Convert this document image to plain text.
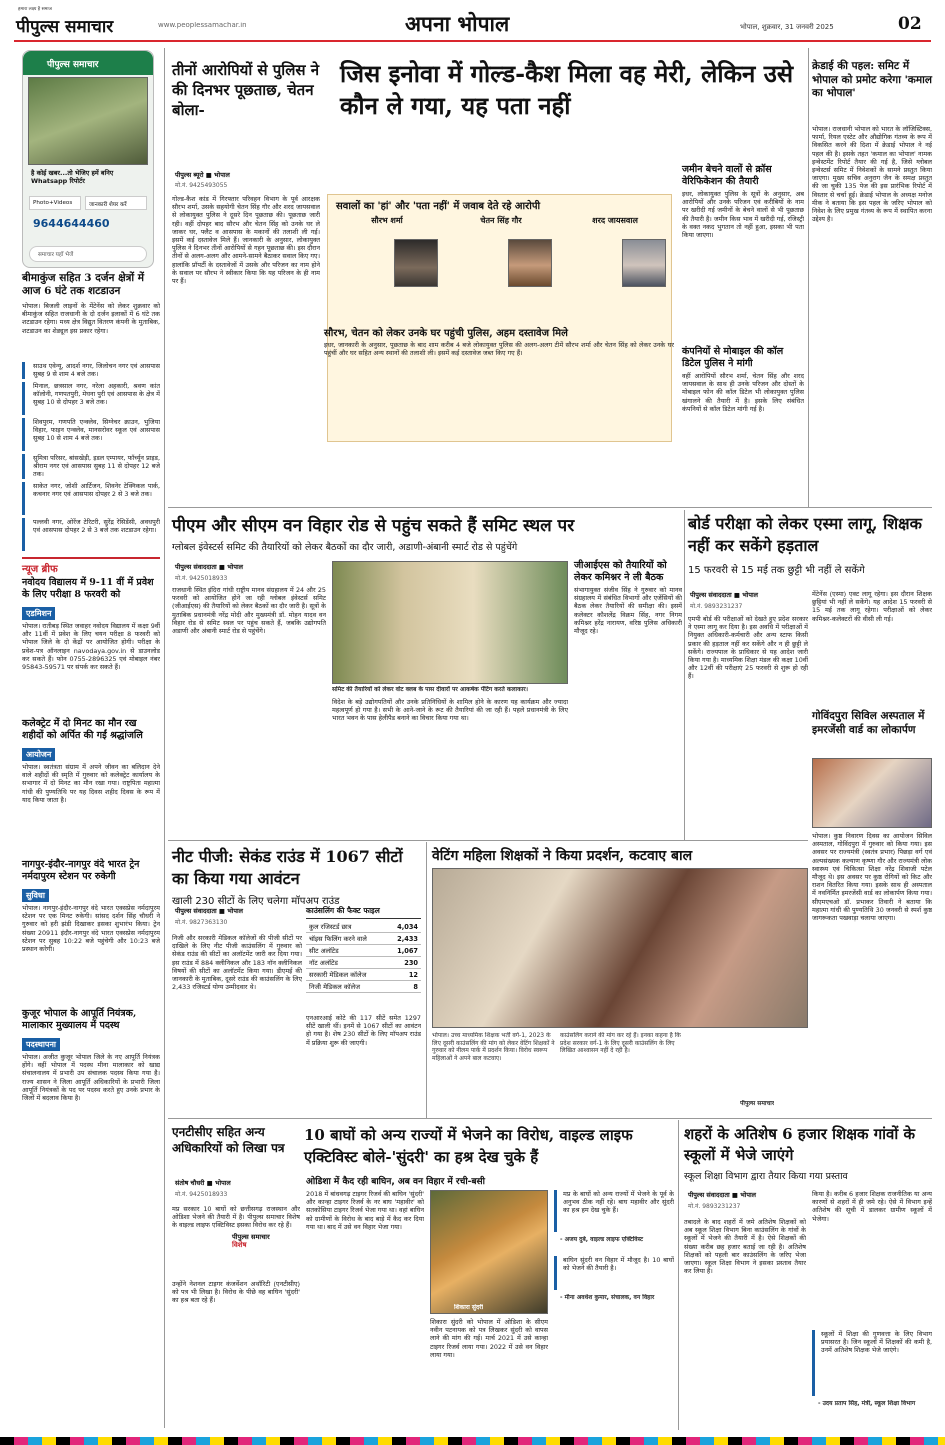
पीपुल्स समाचार
हमारा लक्ष्य है समाज
www.peoplessamachar.in	अपना भोपाल	भोपाल, शुक्रवार, 31 जनवरी 2025	02
पीपुल्स समाचार
है कोई खबर...तो भेजिए हमें बनिए Whatsapp रिपोर्टर
Photo+Videos	जानकारी शेयर करें
9644644460
समाचार यहाँ भेजें
बीमाकुंज सहित 3 दर्जन क्षेत्रों में आज 6 घंटे तक शटडाउन
भोपाल। बिजली लाइनों के मेंटेनेंस को लेकर शुक्रवार को बीमाकुंज सहित राजधानी के दो दर्जन इलाकों में 6 घंटे तक शटडाउन रहेगा। मध्य क्षेत्र विद्युत वितरण कंपनी के मुताबिक, शटडाउन का शेड्यूल इस प्रकार रहेगा।
साउथ एवेन्यू, आदर्श नगर, जिलोचन नगर एवं आसपास सुबह 9 से शाम 4 बजे तक।
मिनाल, छत्रसाल नगर, नरेला अहकारी, श्रवण कांत कॉलोनी, गणपतपुरी, मेघना पुरी एवं आसपास के क्षेत्र में सुबह 10 से दोपहर 3 बजे तक।
शिवपुरम, गणपति एन्क्लेव, सिग्नेचर क्राउन, भुजिया विहार, फाइन एन्क्लेव, मानसरोवर स्कूल एवं आसपास सुबह 10 से शाम 4 बजे तक।
सुमित्रा परिसर, बांसखेड़ी, इडल एम्पायर, फॉर्च्यून प्राइड, श्रीराम नगर एवं आसपास सुबह 11 से दोपहर 12 बजे तक।
साकेत नगर, जोशी आर्टिजन, शिवनेर टेक्निकल पार्क, कचनार नगर एवं आसपास दोपहर 2 से 3 बजे तक।
पल्लवी नगर, ओरेंज टेरिटरी, सुरेंद्र रेसिडेंसी, अवधपुरी एवं आसपास दोपहर 2 से 3 बजे तक शटडाउन रहेगा।
न्यूज ब्रीफ
नवोदय विद्यालय में 9-11 वीं में प्रवेश के लिए परीक्षा 8 फरवरी को
एडमिशन
भोपाल। रातीबड़ स्थित जवाहर नवोदय विद्यालय में कक्षा 9वीं और 11वीं में प्रवेश के लिए चयन परीक्षा 8 फरवरी को भोपाल जिले के दो केंद्रों पर आयोजित होगी। परीक्षा के प्रवेश-पत्र ऑनलाइन navodaya.gov.in से डाउनलोड कर सकते हैं। फोन 0755-2896325 एवं मोबाइल नंबर 95843-59571 पर संपर्क कर सकते हैं।
कलेक्ट्रेट में दो मिनट का मौन रख शहीदों को अर्पित की गईं श्रद्धांजलि
आयोजन
भोपाल। स्वतंत्रता संग्राम में अपने जीवन का बलिदान देने वाले शहीदों की स्मृति में गुरुवार को कलेक्ट्रेट कार्यालय के सभागार में दो मिनट का मौन रखा गया। राष्ट्रपिता महात्मा गांधी की पुण्यतिथि पर यह दिवस शहीद दिवस के रूप में याद किया जाता है।
नागपुर-इंदौर-नागपुर वंदे भारत ट्रेन नर्मदापुरम स्टेशन पर रुकेगी
सुविधा
भोपाल। नागपुर-इंदौर-नागपुर वंदे भारत एक्सप्रेस नर्मदापुरम स्टेशन पर एक मिनट रुकेगी। सांसद दर्शन सिंह चौधरी ने गुरुवार को हरी झंडी दिखाकर इसका शुभारंभ किया। ट्रेन संख्या 20911 इंदौर-नागपुर वंदे भारत एक्सप्रेस नर्मदापुरम स्टेशन पर सुबह 10:22 बजे पहुंचेगी और 10:23 बजे प्रस्थान करेगी।
कुजूर भोपाल के आपूर्ति नियंत्रक, मालाकार मुख्यालय में पदस्थ
पदस्थापना
भोपाल। अजीत कुजूर भोपाल जिले के नए आपूर्ति नियंत्रक होंगे। वहीं भोपाल में पदस्थ मीना मालाकार को खाद्य संचालनालय में प्रभारी उप संचालक पदस्थ किया गया है। राज्य शासन ने जिला आपूर्ति अधिकारियों के प्रभारी जिला आपूर्ति नियंत्रकों के पद पर पदस्थ करते हुए उनके प्रभार के जिलों में बदलाव किया है।
तीनों आरोपियों से पुलिस ने की दिनभर पूछताछ, चेतन बोला-
जिस इनोवा में गोल्ड-कैश मिला वह मेरी, लेकिन उसे कौन ले गया, यह पता नहीं
पीपुल्स ब्यूरो ■ भोपाल
मो.नं. 9425493055
गोल्ड-कैश कांड में गिरफ्तार परिवहन विभाग के पूर्व आरक्षक सौरभ शर्मा, उसके सहयोगी चेतन सिंह गौर और शरद जायसवाल से लोकायुक्त पुलिस ने दूसरे दिन पूछताछ की। पूछताछ जारी रही। वहीं दोपहर बाद सौरभ और चेतन सिंह को उनके घर ले जाकर घर, फ्लैट व आसपास के मकानों की तलाशी ली गई। इसमें कई दस्तावेज मिले हैं। जानकारी के अनुसार, लोकायुक्त पुलिस ने दिनभर तीनों आरोपियों से गहन पूछताछ की। इस दौरान तीनों से अलग-अलग और आमने-सामने बैठाकर सवाल किए गए। हालांकि प्रॉपर्टी के दस्तावेजों में उसके और परिजन का नाम होने के सवाल पर सौरभ ने स्वीकार किया कि यह परिजन के ही नाम पर हैं।
सवालों का 'हां' और 'पता नहीं' में जवाब देते रहे आरोपी
सौरभ शर्मा	चेतन सिंह गौर	शरद जायसवाल
सौरभ, चेतन को लेकर उनके घर पहुंची पुलिस, अहम दस्तावेज मिले
इधर, जानकारी के अनुसार, पूछताछ के बाद शाम करीब 4 बजे लोकायुक्त पुलिस की अलग-अलग टीमें सौरभ शर्मा और चेतन सिंह को लेकर उनके घर पहुंचीं और घर सहित अन्य स्थानों की तलाशी ली। इसमें कई दस्तावेज जब्त किए गए हैं।
जमीन बेचने वालों से क्रॉस वेरिफिकेशन की तैयारी
इधर, लोकायुक्त पुलिस के सूत्रों के अनुसार, अब आरोपियों और उनके परिजन एवं करीबियों के नाम पर खरीदी गई जमीनों के बेचने वालों से भी पूछताछ की तैयारी है। जमीन किस भाव में खरीदी गई, रजिस्ट्री के वक्त नकद भुगतान तो नहीं हुआ, इसका भी पता किया जाएगा।
कंपनियों से मोबाइल की कॉल डिटेल पुलिस ने मांगी
वहीं आरोपियों सौरभ शर्मा, चेतन सिंह और शरद जायसवाल के साथ ही उनके परिजन और दोस्तों के मोबाइल फोन की कॉल डिटेल भी लोकायुक्त पुलिस खंगालने की तैयारी में है। इसके लिए संबंधित कंपनियों से कॉल डिटेल मांगी गई है।
क्रेडाई की पहल: समिट में भोपाल को प्रमोट करेगा 'कमाल का भोपाल'
भोपाल। राजधानी भोपाल को भारत के लॉजिस्टिक्स, फार्मा, रियल एस्टेट और औद्योगिक गंतव्य के रूप में विकसित करने की दिशा में क्रेडाई भोपाल ने नई पहल की है। इसके तहत 'कमाल का भोपाल' नामक इन्वेस्टमेंट रिपोर्ट तैयार की गई है, जिसे ग्लोबल इन्वेस्टर्स समिट में निवेशकों के सामने प्रस्तुत किया जाएगा। मुख्य सचिव अनुराग जैन के समक्ष प्रस्तुत की जा चुकी 135 पेज की इस प्रारंभिक रिपोर्ट में विस्तार से चर्चा हुई। क्रेडाई भोपाल के अध्यक्ष मनोज मीक ने बताया कि इस पहल के जरिए भोपाल को निवेश के लिए प्रमुख गंतव्य के रूप में स्थापित करना उद्देश्य है।
पीएम और सीएम वन विहार रोड से पहुंच सकते हैं समिट स्थल पर
ग्लोबल इंवेस्टर्स समिट की तैयारियों को लेकर बैठकों का दौर जारी, अडाणी-अंबानी स्मार्ट रोड से पहुंचेंगे
पीपुल्स संवाददाता ■ भोपाल
मो.नं. 9425018933
समिट की तैयारियों को लेकर वोट क्लब के पास दीवारों पर आकर्षक पेंटिंग करते कलाकार।
जीआईएस को तैयारियों को लेकर कमिश्नर ने ली बैठक
संभागायुक्त संजीव सिंह ने गुरुवार को मानव संग्रहालय में संबंधित विभागों और एजेंसियों की बैठक लेकर तैयारियों की समीक्षा की। इसमें कलेक्टर कौशलेंद्र विक्रम सिंह, नगर निगम कमिश्नर हरेंद्र नारायण, वरिष्ठ पुलिस अधिकारी मौजूद रहे।
राजधानी स्थित इंदिरा गांधी राष्ट्रीय मानव संग्रहालय में 24 और 25 फरवरी को आयोजित होने जा रही ग्लोबल इंवेस्टर्स समिट (जीआईएस) की तैयारियों को लेकर बैठकों का दौर जारी है। सूत्रों के मुताबिक प्रधानमंत्री नरेंद्र मोदी और मुख्यमंत्री डॉ. मोहन यादव वन विहार रोड से समिट स्थल पर पहुंच सकते हैं, जबकि उद्योगपति अडाणी और अंबानी स्मार्ट रोड से पहुंचेंगे।
विदेश के बड़े उद्योगपतियों और उनके प्रतिनिधियों के शामिल होने के कारण यह कार्यक्रम और ज्यादा महत्वपूर्ण हो गया है। सभी के आने-जाने के रूट की तैयारियां की जा रही हैं। पहले प्रधानमंत्री के लिए भारत भवन के पास हेलीपैड बनाने का विचार किया गया था।
बोर्ड परीक्षा को लेकर एस्मा लागू, शिक्षक नहीं कर सकेंगे हड़ताल
15 फरवरी से 15 मई तक छुट्टी भी नहीं ले सकेंगे
पीपुल्स संवाददाता ■ भोपाल
मो.नं. 9893231237
एमपी बोर्ड की परीक्षाओं को देखते हुए प्रदेश सरकार ने एस्मा लागू कर दिया है। इस अवधि में परीक्षाओं में नियुक्त अधिकारी-कर्मचारी और अन्य स्टाफ किसी प्रकार की हड़ताल नहीं कर सकेंगे और न ही छुट्टी ले सकेंगे। राज्यपाल के प्राधिकार से यह आदेश जारी किया गया है। माध्यमिक शिक्षा मंडल की कक्षा 10वीं और 12वीं की परीक्षाएं 25 फरवरी से शुरू हो रही हैं।
मेंटेनेंस (एस्मा) एक्ट लागू रहेगा। इस दौरान शिक्षक छुट्टियां भी नहीं ले सकेंगे। यह आदेश 15 फरवरी से 15 मई तक लागू रहेगा। परीक्षाओं को लेकर कमिश्नर-कलेक्टरों की वीसी ली गई।
गोविंदपुरा सिविल अस्पताल में इमरजेंसी वार्ड का लोकार्पण
भोपाल। कुष्ठ निवारण दिवस का आयोजन सिविल अस्पताल, गोविंदपुरा में गुरुवार को किया गया। इस अवसर पर राज्यमंत्री (स्वतंत्र प्रभार) पिछड़ा वर्ग एवं अल्पसंख्यक कल्याण कृष्णा गौर और राज्यमंत्री लोक स्वास्थ्य एवं चिकित्सा शिक्षा नरेंद्र शिवाजी पटेल मौजूद थे। इस अवसर पर कुष्ठ रोगियों को किट और राशन वितरित किया गया। इसके साथ ही अस्पताल में नवनिर्मित इमरजेंसी वार्ड का लोकार्पण किया गया। सीएमएचओ डॉ. प्रभाकर तिवारी ने बताया कि महात्मा गांधी की पुण्यतिथि 30 जनवरी से स्पर्श कुष्ठ जागरूकता पखवाड़ा चलाया जाएगा।
नीट पीजी: सेकंड राउंड में 1067 सीटों का किया गया आवंटन
खाली 230 सीटों के लिए चलेगा मॉपअप राउंड
पीपुल्स संवाददाता ■ भोपाल
मो.नं. 9827363130
निजी और सरकारी मेडिकल कॉलेजों की पीजी सीटों पर दाखिले के लिए नीट पीजी काउंसलिंग में गुरुवार को सेकंड राउंड की सीटों का अलॉटमेंट जारी कर दिया गया। इस राउंड में 884 क्लीनिकल और 183 नॉन क्लीनिकल विषयों की सीटों का अलॉटमेंट किया गया। डीएमई की जानकारी के मुताबिक, दूसरे राउंड की काउंसलिंग के लिए 2,433 रजिस्टर्ड योग्य उम्मीदवार थे।
काउंसलिंग की फैक्ट फाइल
कुल रजिस्टर्ड छात्र	4,034
चॉइस फिलिंग करने वाले	2,433
सीट अलॉटेड	1,067
नॉट अलॉटेड	230
सरकारी मेडिकल कॉलेज	12
निजी मेडिकल कॉलेज	8
एनआरआई कोटे की 117 सीटें समेत 1297 सीटें खाली थीं। इनमें से 1067 सीटों का आवंटन हो गया है। शेष 230 सीटों के लिए मॉपअप राउंड में प्रक्रिया शुरू की जाएगी।
वेटिंग महिला शिक्षकों ने किया प्रदर्शन, कटवाए बाल
भोपाल। उच्च माध्यमिक शिक्षक भर्ती वर्ग-1, 2023 के लिए दूसरी काउंसलिंग की मांग को लेकर वेटिंग शिक्षकों ने गुरुवार को नीलम पार्क में प्रदर्शन किया। विरोध स्वरूप महिलाओं ने अपने बाल कटवाए।
काउंसलिंग कराने की मांग कर रहे हैं। इनका कहना है कि प्रदेश सरकार वर्ग-1 के लिए दूसरी काउंसलिंग के लिए लिखित आश्वासन नहीं दे रही है।
पीपुल्स समाचार
एनटीसीए सहित अन्य अधिकारियों को लिखा पत्र
संतोष चौधरी ■ भोपाल
मो.नं. 9425018933
मप्र सरकार 10 बाघों को छत्तीसगढ़ राजस्थान और ओडिशा भेजने की तैयारी में है। पीपुल्स समाचार विशेष के वाइल्ड लाइफ एक्टिविस्ट इसका विरोध कर रहे हैं।
पीपुल्स समाचार
विशेष
उन्होंने नेशनल टाइगर कंजर्वेशन अथॉरिटी (एनटीसीए) को पत्र भी लिखा है। विरोध के पीछे वह बाघिन 'सुंदरी' का हश्र बता रहे हैं।
10 बाघों को अन्य राज्यों में भेजने का विरोध, वाइल्ड लाइफ एक्टिविस्ट बोले-'सुंदरी' का हश्र देख चुके हैं
ओडिशा में कैद रही बाघिन, अब वन विहार में रची-बसी
2018 में बांधवगढ़ टाइगर रिजर्व की बाघिन 'सुंदरी' और कान्हा टाइगर रिजर्व के नर बाघ 'महावीर' को सतकोसिया टाइगर रिजर्व भेजा गया था। वहां बाघिन को ग्रामीणों के विरोध के बाद बाड़े में कैद कर दिया गया था। बाद में उसे वन विहार भेजा गया।
शिकारा सुंदरी
शिकारा सुंदरी को भोपाल में ओडिशा के सीएम नवीन पटनायक को पत्र लिखकर सुंदरी को वापस लाने की मांग की गई। मार्च 2021 में उसे कान्हा टाइगर रिजर्व लाया गया। 2022 में उसे वन विहार लाया गया।
मप्र के बाघों को अन्य राज्यों में भेजने के पूर्व के अनुभव ठीक नहीं रहे। बाघ महावीर और सुंदरी का हश्र हम देख चुके हैं।
- अजय दुबे, वाइल्ड लाइफ एक्टिविस्ट
बाघिन सुंदरी वन विहार में मौजूद है। 10 बाघों को भेजने की तैयारी है।
- मीना अवधेश कुमार, संचालक, वन विहार
शहरों के अतिशेष 6 हजार शिक्षक गांवों के स्कूलों में भेजे जाएंगे
स्कूल शिक्षा विभाग द्वारा तैयार किया गया प्रस्ताव
पीपुल्स संवाददाता ■ भोपाल
मो.नं. 9893231237
तबादले के बाद शहरों में जमे अतिशेष शिक्षकों को अब स्कूल शिक्षा विभाग बिना काउंसलिंग के गांवों के स्कूलों में भेजने की तैयारी में है। ऐसे शिक्षकों की संख्या करीब छह हजार बताई जा रही है। अतिशेष शिक्षकों को पहली बार काउंसलिंग के जरिए भेजा जाएगा। स्कूल शिक्षा विभाग ने इसका प्रस्ताव तैयार कर लिया है।
किया है। करीब 6 हजार शिक्षक राजनीतिक या अन्य कारणों से शहरों में ही जमे रहे। ऐसे में विभाग इन्हें अतिशेष की सूची में डालकर ग्रामीण स्कूलों में भेजेगा।
स्कूलों में शिक्षा की गुणवत्ता के लिए विभाग प्रयासरत है। जिन स्कूलों में शिक्षकों की कमी है, उनमें अतिशेष शिक्षक भेजे जाएंगे।
- उदय प्रताप सिंह, मंत्री, स्कूल शिक्षा विभाग
